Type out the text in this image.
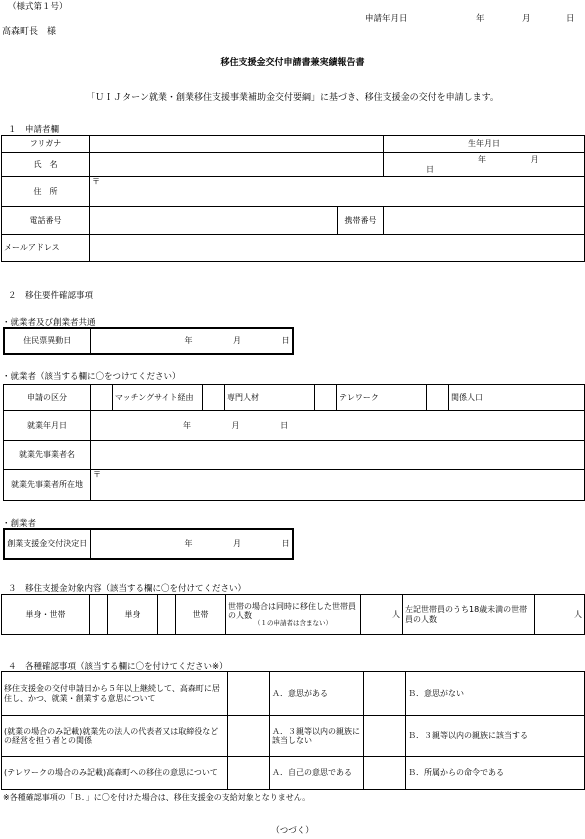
（様式第１号）
高森町長　様
申請年月日	年	月	日
移住支援金交付申請書兼実績報告書
「ＵＩＪターン就業・創業移住支援事業補助金交付要綱」に基づき、移住支援金の交付を申請します。
１　申請者欄
フリガナ			生年月日
氏　名			年 月 日
住　所	〒		
電話番号		携帯番号	
メールアドレス			
２　移住要件確認事項
・就業者及び創業者共通
住民票異動日	年	月	日
・就業者（該当する欄に〇をつけてください）
申請の区分		マッチングサイト経由		専門人材		テレワーク		関係人口
就業年月日	年 月 日							
就業先事業者名								
就業先事業者所在地	〒							
・創業者
創業支援金交付決定日	年	月	日
３　移住支援金対象内容（該当する欄に〇を付けてください）
単身・世帯		単身		世帯	
世帯の場合は同時に移住した世帯員の人数
（１の申請者は含まない）
	人	左記世帯員のうち18歳未満の世帯員の人数	人
４　各種確認事項（該当する欄に〇を付けてください※）
移住支援金の交付申請日から５年以上継続して、高森町に居住し、かつ、就業・創業する意思について		Ａ．意思がある		Ｂ．意思がない
(就業の場合のみ記載)就業先の法人の代表者又は取締役などの経営を担う者との関係		Ａ．３親等以内の親族に該当しない		Ｂ．３親等以内の親族に該当する
(テレワークの場合のみ記載)高森町への移住の意思について		Ａ．自己の意思である		Ｂ．所属からの命令である
※各種確認事項の「Ｂ．」に〇を付けた場合は、移住支援金の支給対象となりません。
（つづく）
